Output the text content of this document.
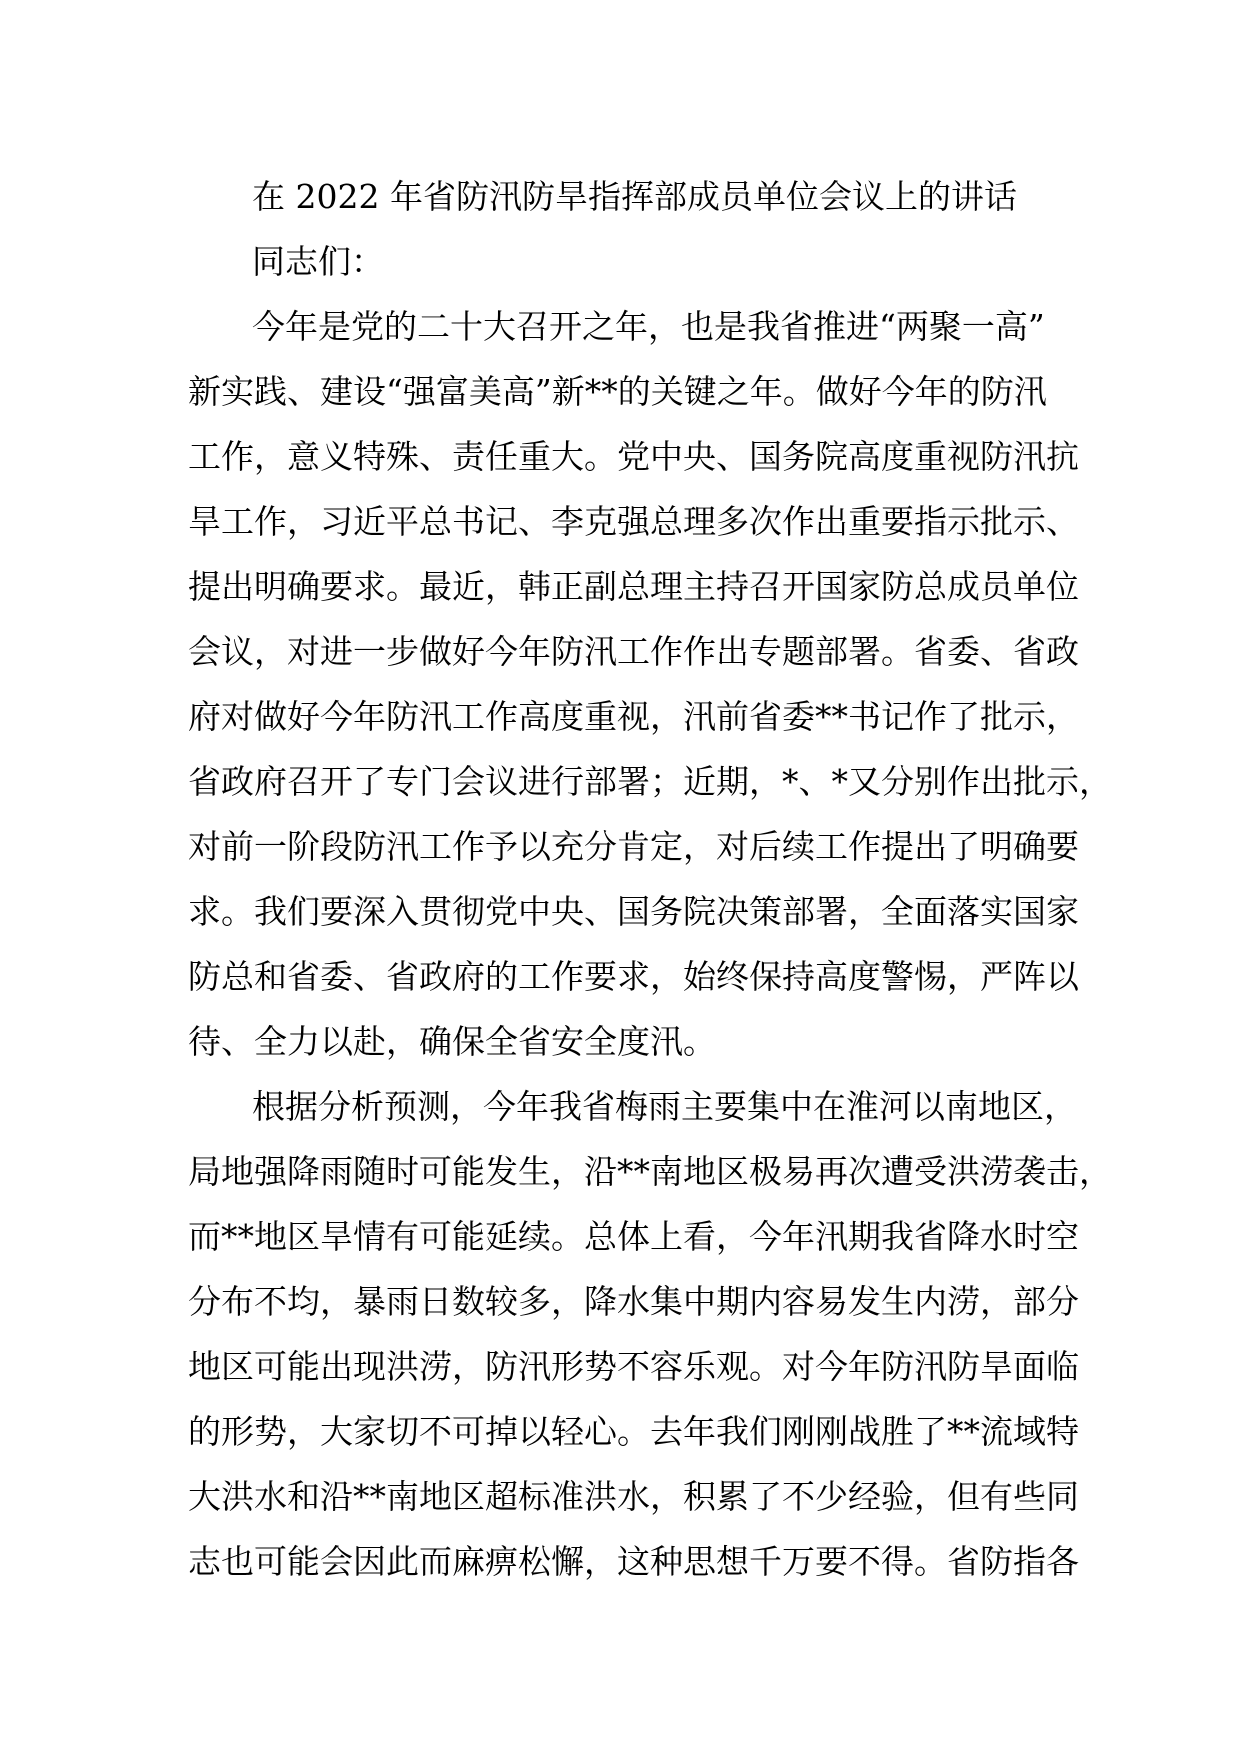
在 2022 年省防汛防旱指挥部成员单位会议上的讲话

同志们：

今年是党的二十大召开之年，也是我省推进“两聚一高”
新实践、建设“强富美高”新**的关键之年。做好今年的防汛
工作，意义特殊、责任重大。党中央、国务院高度重视防汛抗
旱工作，习近平总书记、李克强总理多次作出重要指示批示、
提出明确要求。最近，韩正副总理主持召开国家防总成员单位
会议，对进一步做好今年防汛工作作出专题部署。省委、省政
府对做好今年防汛工作高度重视，汛前省委**书记作了批示，
省政府召开了专门会议进行部署；近期，*、*又分别作出批示，
对前一阶段防汛工作予以充分肯定，对后续工作提出了明确要
求。我们要深入贯彻党中央、国务院决策部署，全面落实国家
防总和省委、省政府的工作要求，始终保持高度警惕，严阵以
待、全力以赴，确保全省安全度汛。

根据分析预测，今年我省梅雨主要集中在淮河以南地区，
局地强降雨随时可能发生，沿**南地区极易再次遭受洪涝袭击，
而**地区旱情有可能延续。总体上看，今年汛期我省降水时空
分布不均，暴雨日数较多，降水集中期内容易发生内涝，部分
地区可能出现洪涝，防汛形势不容乐观。对今年防汛防旱面临
的形势，大家切不可掉以轻心。去年我们刚刚战胜了**流域特
大洪水和沿**南地区超标准洪水，积累了不少经验，但有些同
志也可能会因此而麻痹松懈，这种思想千万要不得。省防指各
